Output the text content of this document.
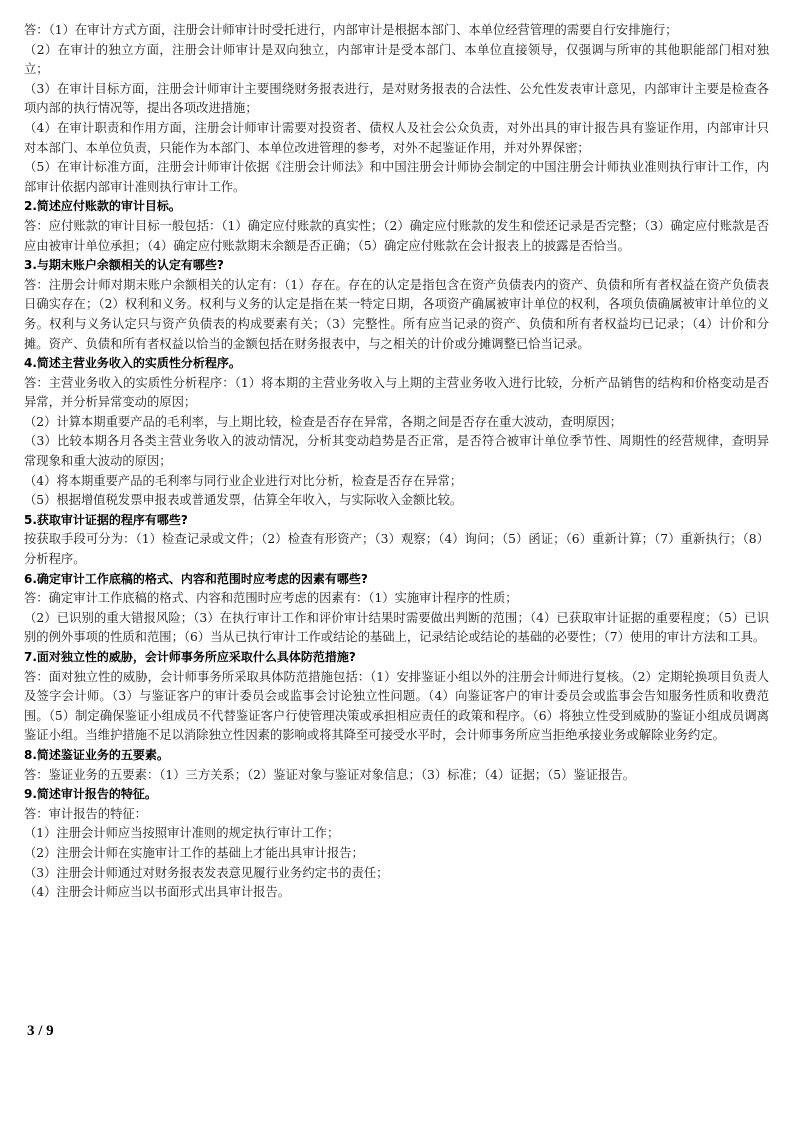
答：（1）在审计方式方面，注册会计师审计时受托进行，内部审计是根据本部门、本单位经营管理的需要自行安排施行；

（2）在审计的独立方面，注册会计师审计是双向独立，内部审计是受本部门、本单位直接领导，仅强调与所审的其他职能部门相对独立；

（3）在审计目标方面，注册会计师审计主要围绕财务报表进行，是对财务报表的合法性、公允性发表审计意见，内部审计主要是检查各项内部的执行情况等，提出各项改进措施；

（4）在审计职责和作用方面，注册会计师审计需要对投资者、债权人及社会公众负责，对外出具的审计报告具有鉴证作用，内部审计只对本部门、本单位负责，只能作为本部门、本单位改进管理的参考，对外不起鉴证作用，并对外界保密；

（5）在审计标准方面，注册会计师审计依据《注册会计师法》和中国注册会计师协会制定的中国注册会计师执业准则执行审计工作，内部审计依据内部审计准则执行审计工作。

2.简述应付账款的审计目标。

答：应付账款的审计目标一般包括：（1）确定应付账款的真实性；（2）确定应付账款的发生和偿还记录是否完整；（3）确定应付账款是否应由被审计单位承担；（4）确定应付账款期末余额是否正确；（5）确定应付账款在会计报表上的披露是否恰当。

3.与期末账户余额相关的认定有哪些?

答：注册会计师对期末账户余额相关的认定有：（1）存在。存在的认定是指包含在资产负债表内的资产、负债和所有者权益在资产负债表日确实存在；（2）权利和义务。权利与义务的认定是指在某一特定日期，各项资产确属被审计单位的权利，各项负债确属被审计单位的义务。权利与义务认定只与资产负债表的构成要素有关；（3）完整性。所有应当记录的资产、负债和所有者权益均已记录；（4）计价和分摊。资产、负债和所有者权益以恰当的金额包括在财务报表中，与之相关的计价或分摊调整已恰当记录。

4.简述主营业务收入的实质性分析程序。

答：主营业务收入的实质性分析程序：（1）将本期的主营业务收入与上期的主营业务收入进行比较，分析产品销售的结构和价格变动是否异常，并分析异常变动的原因；

（2）计算本期重要产品的毛利率，与上期比较，检查是否存在异常，各期之间是否存在重大波动，查明原因；

（3）比较本期各月各类主营业务收入的波动情况，分析其变动趋势是否正常，是否符合被审计单位季节性、周期性的经营规律，查明异常现象和重大波动的原因；

（4）将本期重要产品的毛利率与同行业企业进行对比分析，检查是否存在异常；

（5）根据增值税发票申报表或普通发票，估算全年收入，与实际收入金额比较。

5.获取审计证据的程序有哪些?

按获取手段可分为：（1）检查记录或文件；（2）检查有形资产；（3）观察；（4）询问；（5）函证；（6）重新计算；（7）重新执行；（8）分析程序。

6.确定审计工作底稿的格式、内容和范围时应考虑的因素有哪些?

答：确定审计工作底稿的格式、内容和范围时应考虑的因素有：（1）实施审计程序的性质；

（2）已识别的重大错报风险；（3）在执行审计工作和评价审计结果时需要做出判断的范围；（4）已获取审计证据的重要程度；（5）已识别的例外事项的性质和范围；（6）当从已执行审计工作或结论的基础上，记录结论或结论的基础的必要性；（7）使用的审计方法和工具。

7.面对独立性的威胁，会计师事务所应采取什么具体防范措施?

答：面对独立性的威胁，会计师事务所采取具体防范措施包括：（1）安排鉴证小组以外的注册会计师进行复核。（2）定期轮换项目负责人及签字会计师。（3）与鉴证客户的审计委员会或监事会讨论独立性问题。（4）向鉴证客户的审计委员会或监事会告知服务性质和收费范围。（5）制定确保鉴证小组成员不代替鉴证客户行使管理决策或承担相应责任的政策和程序。（6）将独立性受到威胁的鉴证小组成员调离鉴证小组。当维护措施不足以消除独立性因素的影响或将其降至可接受水平时，会计师事务所应当拒绝承接业务或解除业务约定。

8.简述鉴证业务的五要素。

答：鉴证业务的五要素：（1）三方关系；（2）鉴证对象与鉴证对象信息；（3）标准；（4）证据；（5）鉴证报告。

9.简述审计报告的特征。

答：审计报告的特征：

（1）注册会计师应当按照审计准则的规定执行审计工作；

（2）注册会计师在实施审计工作的基础上才能出具审计报告；

（3）注册会计师通过对财务报表发表意见履行业务约定书的责任；

（4）注册会计师应当以书面形式出具审计报告。

3 / 9
